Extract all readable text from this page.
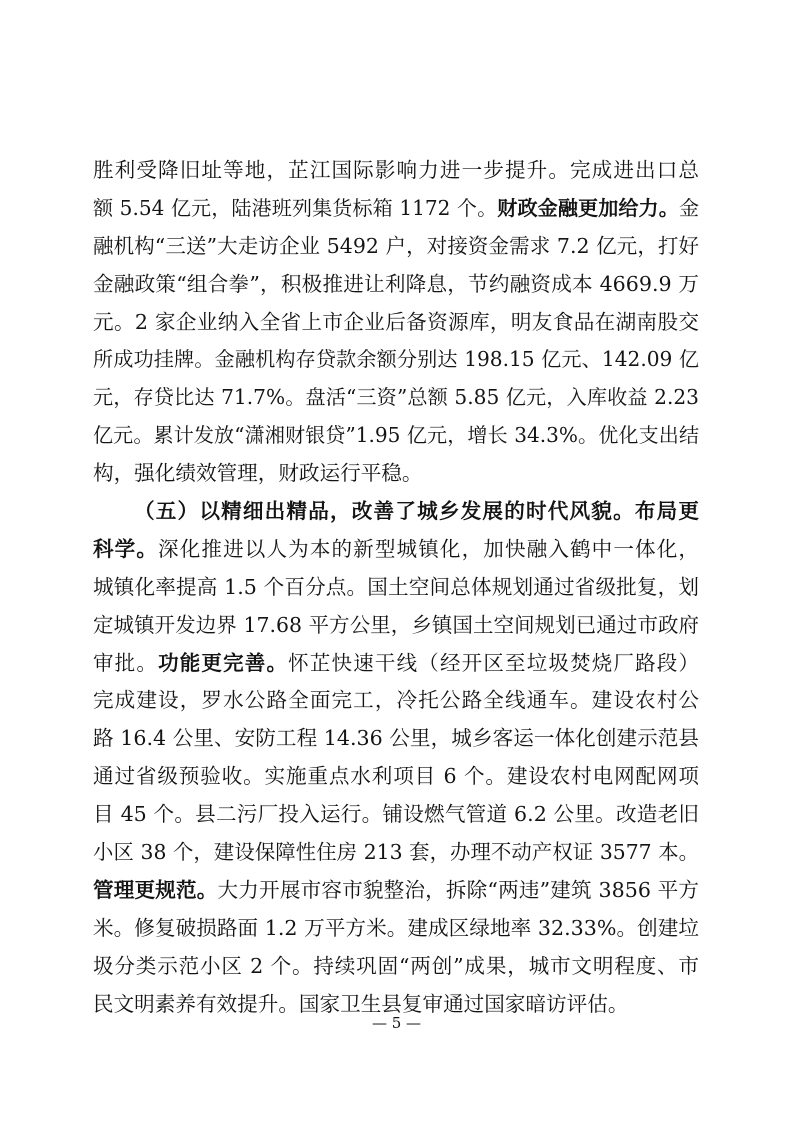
胜利受降旧址等地，芷江国际影响力进一步提升。完成进出口总
额 5.54 亿元，陆港班列集货标箱 1172 个。财政金融更加给力。金
融机构“三送”大走访企业 5492 户，对接资金需求 7.2 亿元，打好
金融政策“组合拳”，积极推进让利降息，节约融资成本 4669.9 万
元。2 家企业纳入全省上市企业后备资源库，明友食品在湖南股交
所成功挂牌。金融机构存贷款余额分别达 198.15 亿元、142.09 亿
元，存贷比达 71.7%。盘活“三资”总额 5.85 亿元，入库收益 2.23
亿元。累计发放“潇湘财银贷”1.95 亿元，增长 34.3%。优化支出结
构，强化绩效管理，财政运行平稳。
（五）以精细出精品，改善了城乡发展的时代风貌。布局更
科学。深化推进以人为本的新型城镇化，加快融入鹤中一体化，
城镇化率提高 1.5 个百分点。国土空间总体规划通过省级批复，划
定城镇开发边界 17.68 平方公里，乡镇国土空间规划已通过市政府
审批。功能更完善。怀芷快速干线（经开区至垃圾焚烧厂路段）
完成建设，罗水公路全面完工，冷托公路全线通车。建设农村公
路 16.4 公里、安防工程 14.36 公里，城乡客运一体化创建示范县
通过省级预验收。实施重点水利项目 6 个。建设农村电网配网项
目 45 个。县二污厂投入运行。铺设燃气管道 6.2 公里。改造老旧
小区 38 个，建设保障性住房 213 套，办理不动产权证 3577 本。
管理更规范。大力开展市容市貌整治，拆除“两违”建筑 3856 平方
米。修复破损路面 1.2 万平方米。建成区绿地率 32.33%。创建垃
圾分类示范小区 2 个。持续巩固“两创”成果，城市文明程度、市
民文明素养有效提升。国家卫生县复审通过国家暗访评估。
— 5 —
